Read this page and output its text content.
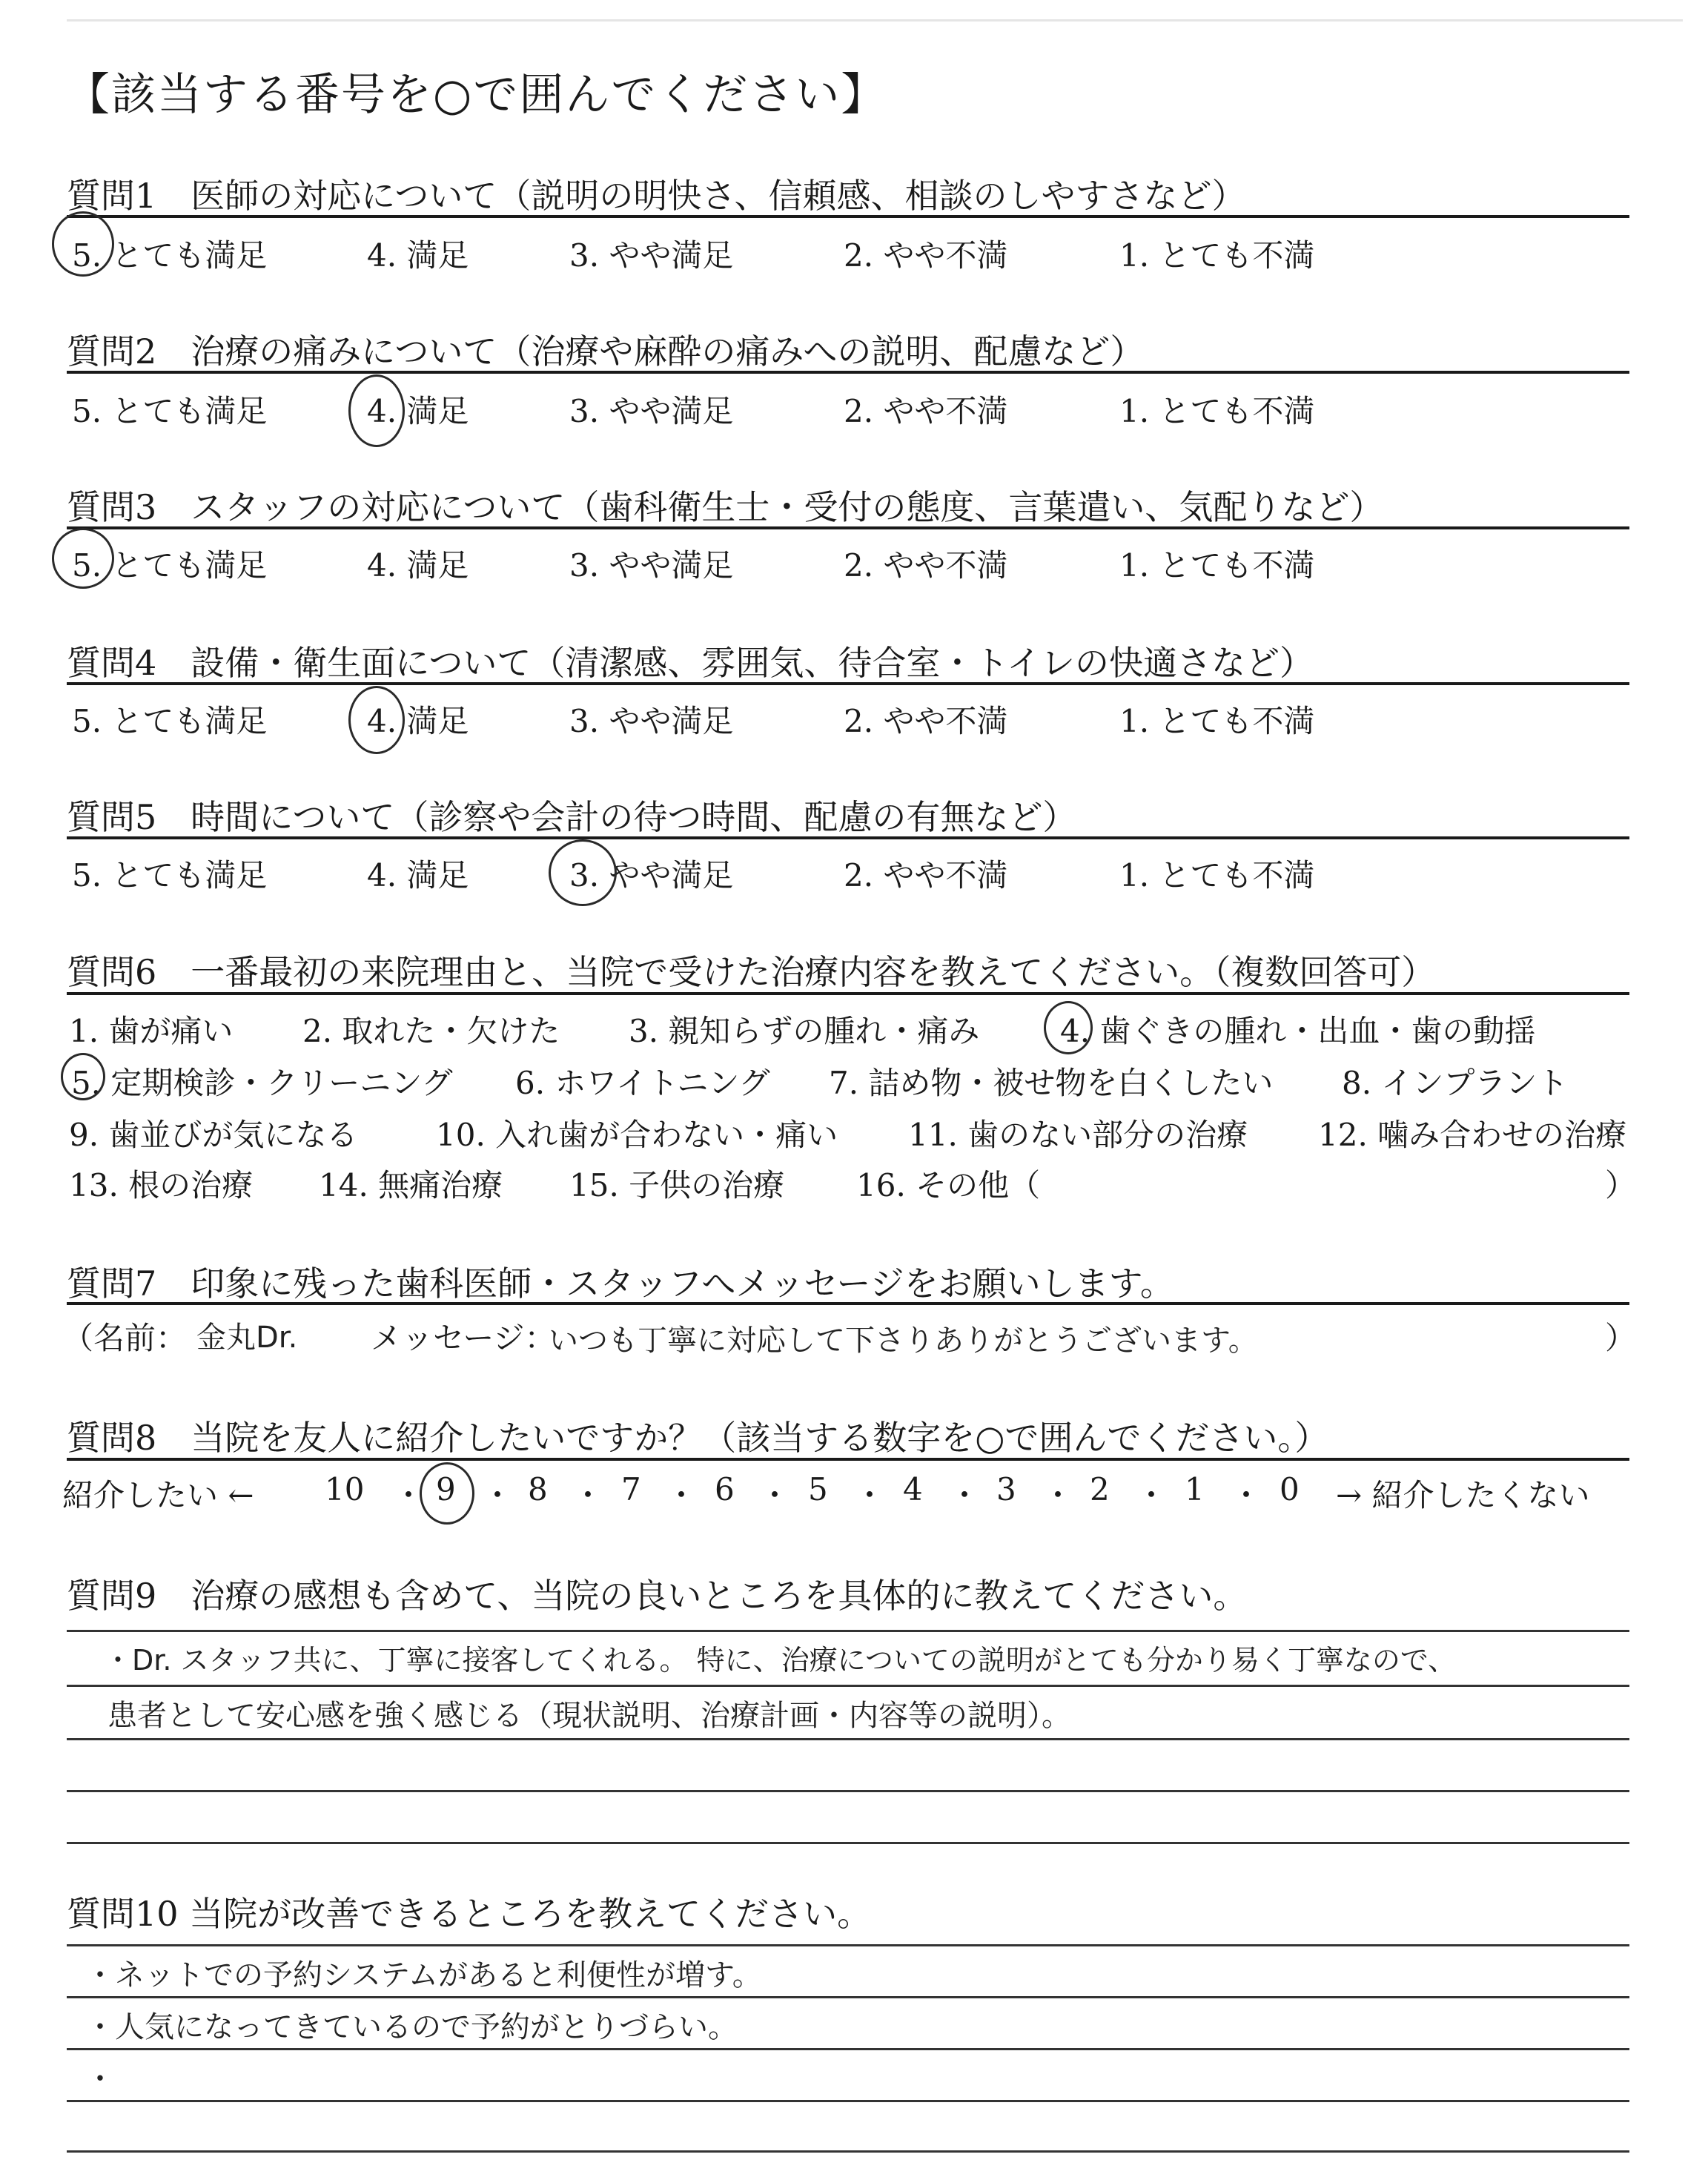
【該当する番号を○で囲んでください】
質問1　医師の対応について（説明の明快さ、信頼感、相談のしやすさなど）
5. とても満足	4. 満足	3. やや満足	2. やや不満	1. とても不満
質問2　治療の痛みについて（治療や麻酔の痛みへの説明、配慮など）
5. とても満足	4. 満足	3. やや満足	2. やや不満	1. とても不満
質問3　スタッフの対応について（歯科衛生士・受付の態度、言葉遣い、気配りなど）
5. とても満足	4. 満足	3. やや満足	2. やや不満	1. とても不満
質問4　設備・衛生面について（清潔感、雰囲気、待合室・トイレの快適さなど）
5. とても満足	4. 満足	3. やや満足	2. やや不満	1. とても不満
質問5　時間について（診察や会計の待つ時間、配慮の有無など）
5. とても満足	4. 満足	3. やや満足	2. やや不満	1. とても不満
質問6　一番最初の来院理由と、当院で受けた治療内容を教えてください。（複数回答可）
1. 歯が痛い 2. 取れた・欠けた 3. 親知らずの腫れ・痛み	4. 歯ぐきの腫れ・出血・歯の動揺
5. 定期検診・クリーニング 6. ホワイトニング 7. 詰め物・被せ物を白くしたい 8. インプラント
9. 歯並びが気になる	10. 入れ歯が合わない・痛い 11. 歯のない部分の治療 12. 噛み合わせの治療
13. 根の治療 14. 無痛治療 15. 子供の治療 16. その他（	）
質問7　印象に残った歯科医師・スタッフへメッセージをお願いします。
（名前： 金丸Dr. メッセージ：
いつも丁寧に対応して下さりありがとうございます。	）
質問8　当院を友人に紹介したいですか？（該当する数字を○で囲んでください。）
紹介したい ← 10 ・ 9 ・ 8 ・ 7 ・ 6 ・ 5 ・ 4 ・ 3 ・ 2 ・ 1 ・ 0 → 紹介したくない
質問9　治療の感想も含めて、当院の良いところを具体的に教えてください。
・Dr. スタッフ共に、丁寧に接客してくれる。 特に、治療についての説明がとても分かり易く丁寧なので、
患者として安心感を強く感じる（現状説明、治療計画・内容等の説明）。
質問10 当院が改善できるところを教えてください。
・ネットでの予約システムがあると利便性が増す。
・人気になってきているので予約がとりづらい。
・
